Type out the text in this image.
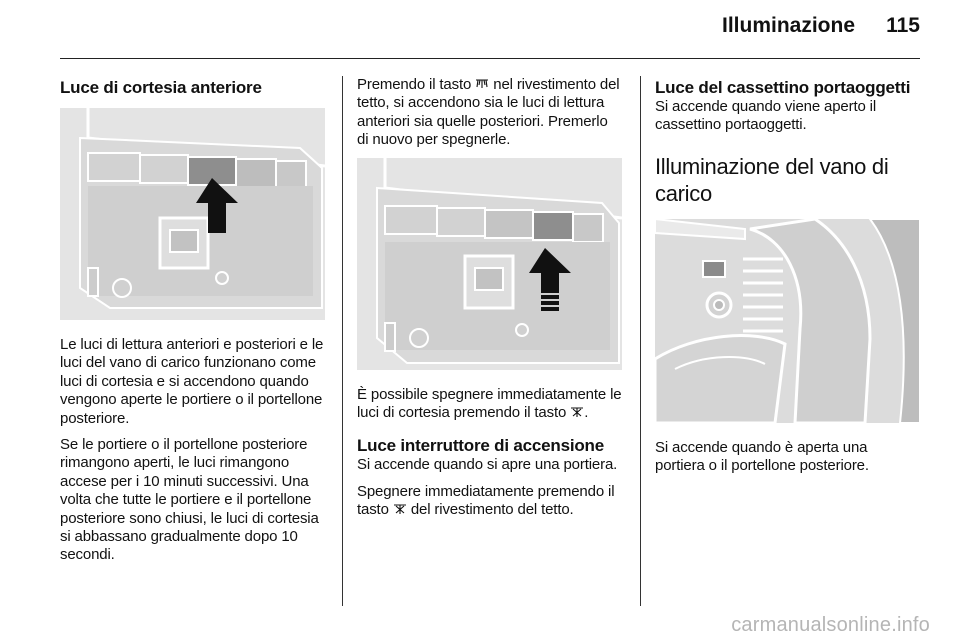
Illuminazione	115
Luce di cortesia anteriore

Le luci di lettura anteriori e posteriori e le luci del vano di carico funzionano come luci di cortesia e si accendono quando vengono aperte le portiere o il portellone posteriore.

Se le portiere o il portellone posteriore rimangono aperti, le luci rimangono accese per i 10 minuti successivi. Una volta che tutte le portiere e il portellone posteriore sono chiusi, le luci di cortesia si abbassano gradualmente dopo 10 secondi.

Premendo il tasto nel rivestimento del tetto, si accendono sia le luci di lettura anteriori sia quelle posteriori. Premerlo di nuovo per spegnerle.

È possibile spegnere immediatamente le luci di cortesia premendo il tasto .

Luce interruttore di accensione

Si accende quando si apre una portiera.

Spegnere immediatamente premendo il tasto del rivestimento del tetto.

Luce del cassettino portaoggetti

Si accende quando viene aperto il cassettino portaoggetti.

Illuminazione del vano di carico

Si accende quando è aperta una portiera o il portellone posteriore.

carmanualsonline.info
